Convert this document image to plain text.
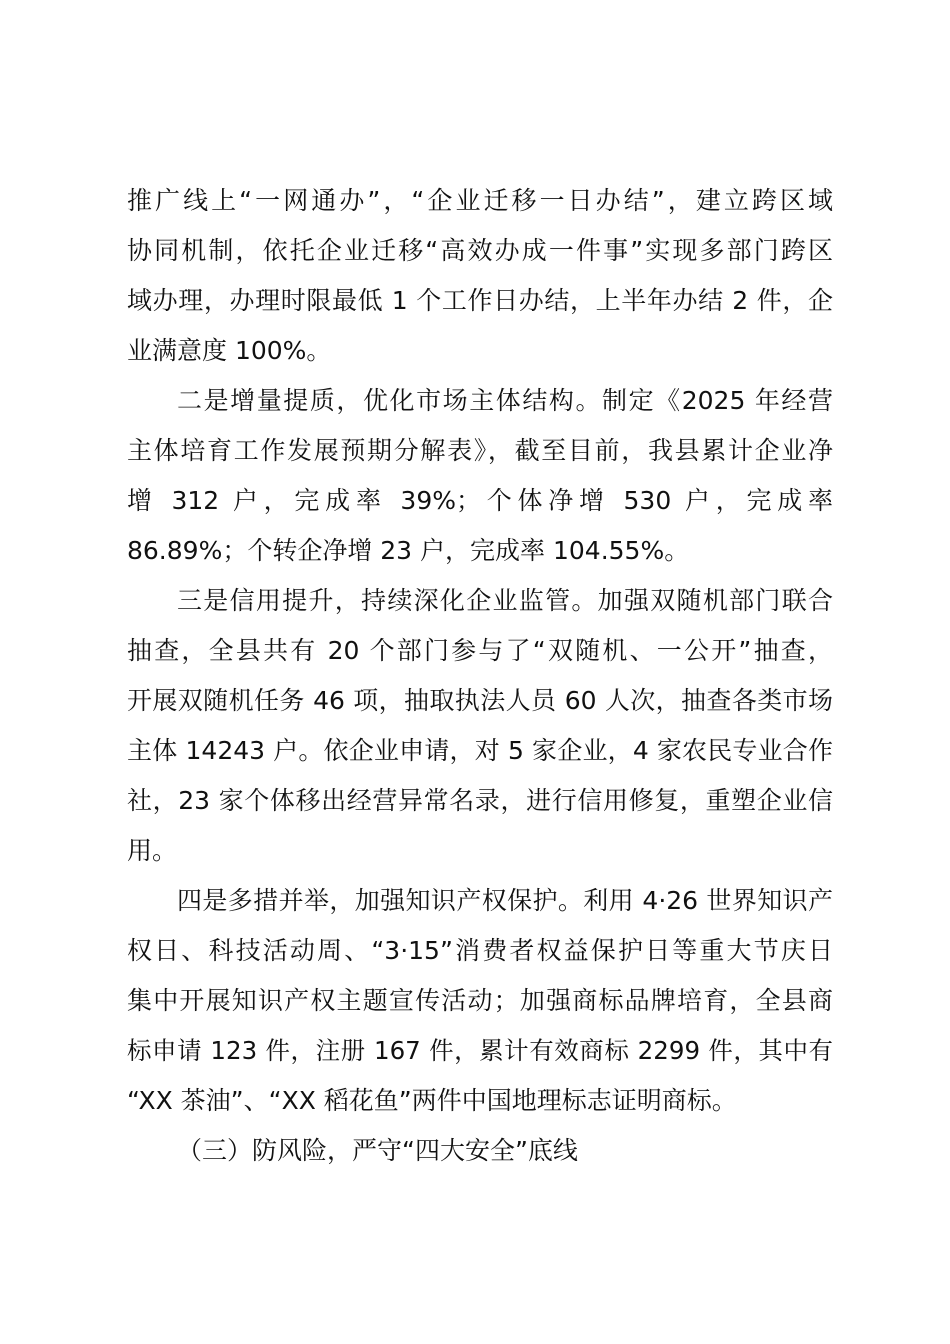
推广线上“一网通办”，“企业迁移一日办结”，建立跨区域
协同机制，依托企业迁移“高效办成一件事”实现多部门跨区
域办理，办理时限最低 1 个工作日办结，上半年办结 2 件，企
业满意度 100%。
二是增量提质，优化市场主体结构。制定《2025 年经营
主体培育工作发展预期分解表》，截至目前，我县累计企业净
增 312 户，完成率 39%；个体净增 530 户，完成率
86.89%；个转企净增 23 户，完成率 104.55%。
三是信用提升，持续深化企业监管。加强双随机部门联合
抽查，全县共有 20 个部门参与了“双随机、一公开”抽查，
开展双随机任务 46 项，抽取执法人员 60 人次，抽查各类市场
主体 14243 户。依企业申请，对 5 家企业，4 家农民专业合作
社，23 家个体移出经营异常名录，进行信用修复，重塑企业信
用。
四是多措并举，加强知识产权保护。利用 4·26 世界知识产
权日、科技活动周、“3·15”消费者权益保护日等重大节庆日
集中开展知识产权主题宣传活动；加强商标品牌培育，全县商
标申请 123 件，注册 167 件，累计有效商标 2299 件，其中有
“XX 茶油”、“XX 稻花鱼”两件中国地理标志证明商标。
（三）防风险，严守“四大安全”底线
